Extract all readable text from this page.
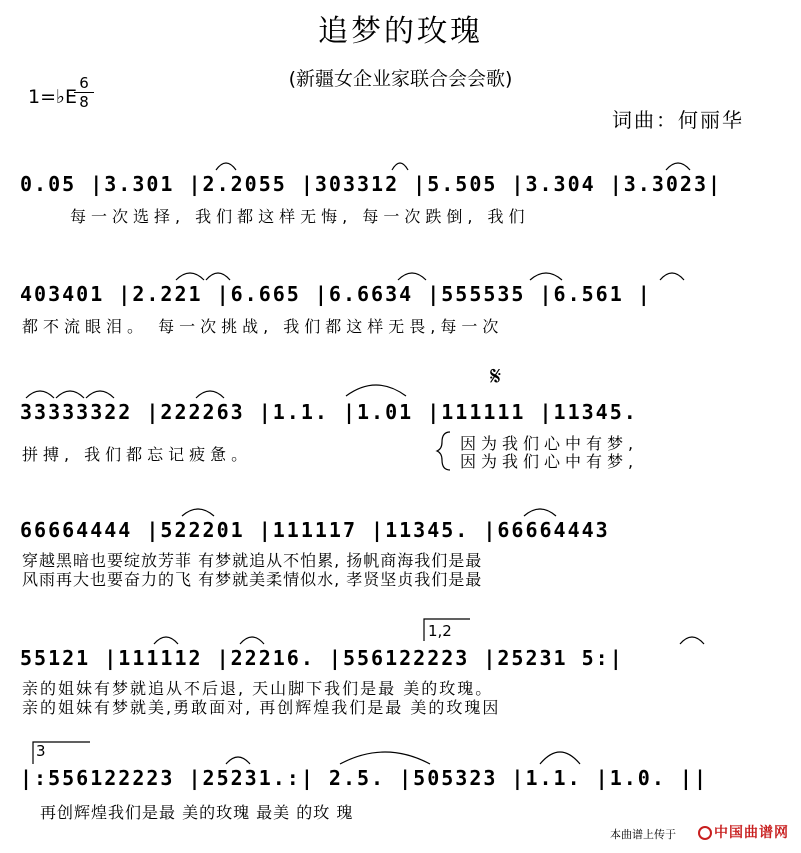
追梦的玫瑰
(新疆女企业家联合会会歌)
1=♭E
6
8
词曲：何丽华
0.05 |3.301 |2.2055 |303312 |5.505 |3.304 |3.3023|
每一次选择, 我们都这样无悔, 每一次跌倒, 我们
403401 |2.221 |6.665 |6.6634 |555535 |6.561 |
都不流眼泪。 每一次挑战, 我们都这样无畏,每一次
33333322 |222263 |1.1. |1.01 |111111 |11345.
拼搏, 我们都忘记疲惫。
因为我们心中有梦,
因为我们心中有梦,
66664444 |522201 |111117 |11345. |66664443
穿越黑暗也要绽放芳菲 有梦就追从不怕累, 扬帆商海我们是最
风雨再大也要奋力的飞 有梦就美柔情似水, 孝贤坚贞我们是最
1,2
55121 |111112 |22216. |556122223 |25231 5:|
亲的姐妹有梦就追从不后退, 天山脚下我们是最 美的玫瑰。
亲的姐妹有梦就美,勇敢面对, 再创辉煌我们是最 美的玫瑰因
3
|:556122223 |25231.:| 2.5. |505323 |1.1. |1.0. ||
再创辉煌我们是最 美的玫瑰 最美 的玫 瑰
𝄋
本曲谱上传于	中国曲谱网
